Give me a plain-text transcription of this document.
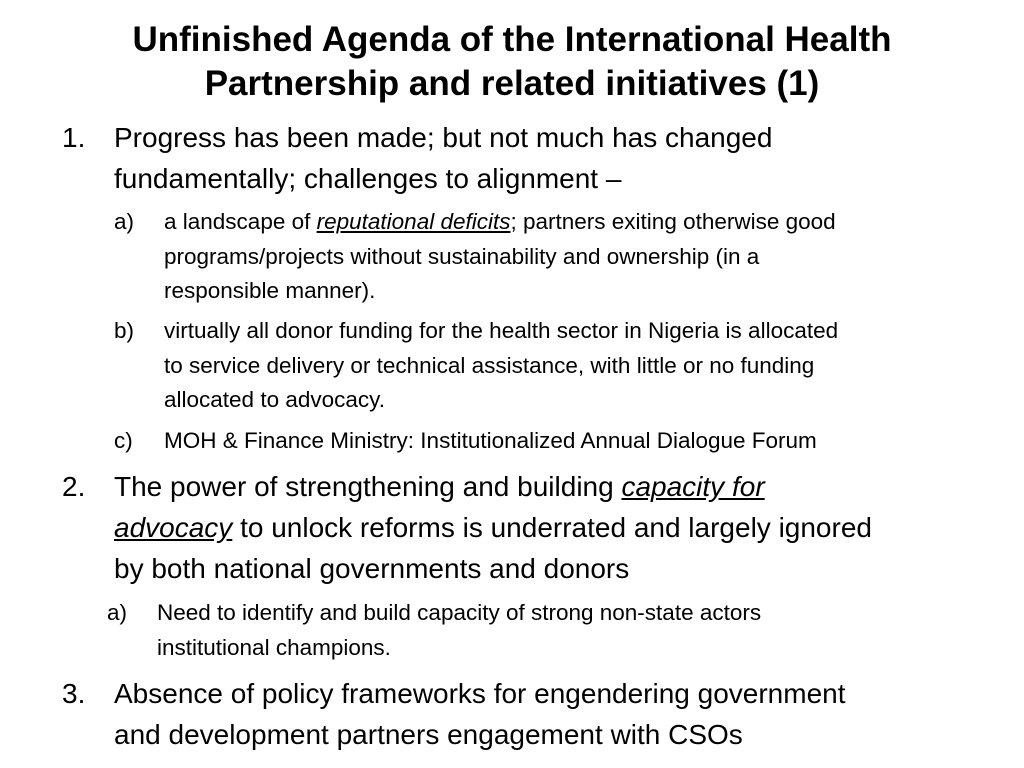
Unfinished Agenda of the International Health
Partnership and related initiatives (1)
1. Progress has been made; but not much has changed
fundamentally; challenges to alignment –
a) a landscape of reputational deficits; partners exiting otherwise good
programs/projects without sustainability and ownership (in a
responsible manner).
b) virtually all donor funding for the health sector in Nigeria is allocated
to service delivery or technical assistance, with little or no funding
allocated to advocacy.
c) MOH & Finance Ministry: Institutionalized Annual Dialogue Forum
2. The power of strengthening and building capacity for
advocacy to unlock reforms is underrated and largely ignored
by both national governments and donors
a) Need to identify and build capacity of strong non-state actors
institutional champions.
3. Absence of policy frameworks for engendering government
and development partners engagement with CSOs
